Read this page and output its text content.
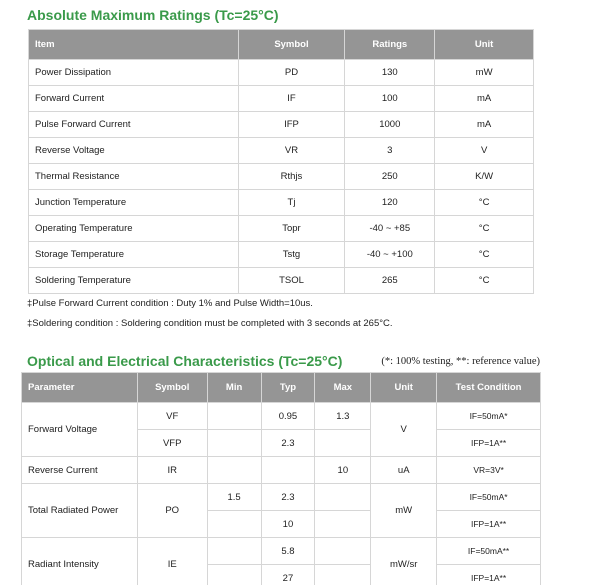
Absolute Maximum Ratings (Tc=25°C)
Item	Symbol	Ratings	Unit
Power Dissipation	PD	130	mW
Forward Current	IF	100	mA
Pulse Forward Current	IFP	1000	mA
Reverse Voltage	VR	3	V
Thermal Resistance	Rthjs	250	K/W
Junction Temperature	Tj	120	°C
Operating Temperature	Topr	-40 ~ +85	°C
Storage Temperature	Tstg	-40 ~ +100	°C
Soldering Temperature	TSOL	265	°C
‡Pulse Forward Current condition : Duty 1% and Pulse Width=10us.
‡Soldering condition : Soldering condition must be completed with 3 seconds at 265°C.
Optical and Electrical Characteristics (Tc=25°C)	(*: 100% testing, **: reference value)
Parameter	Symbol	Min	Typ	Max	Unit	Test Condition
Forward Voltage	VF		0.95	1.3	V	IF=50mA*
	VFP		2.3			IFP=1A**
Reverse Current	IR			10	uA	VR=3V*
Total Radiated Power	PO	1.5	2.3		mW	IF=50mA*
			10			IFP=1A**
Radiant Intensity	IE		5.8		mW/sr	IF=50mA**
			27			IFP=1A**
